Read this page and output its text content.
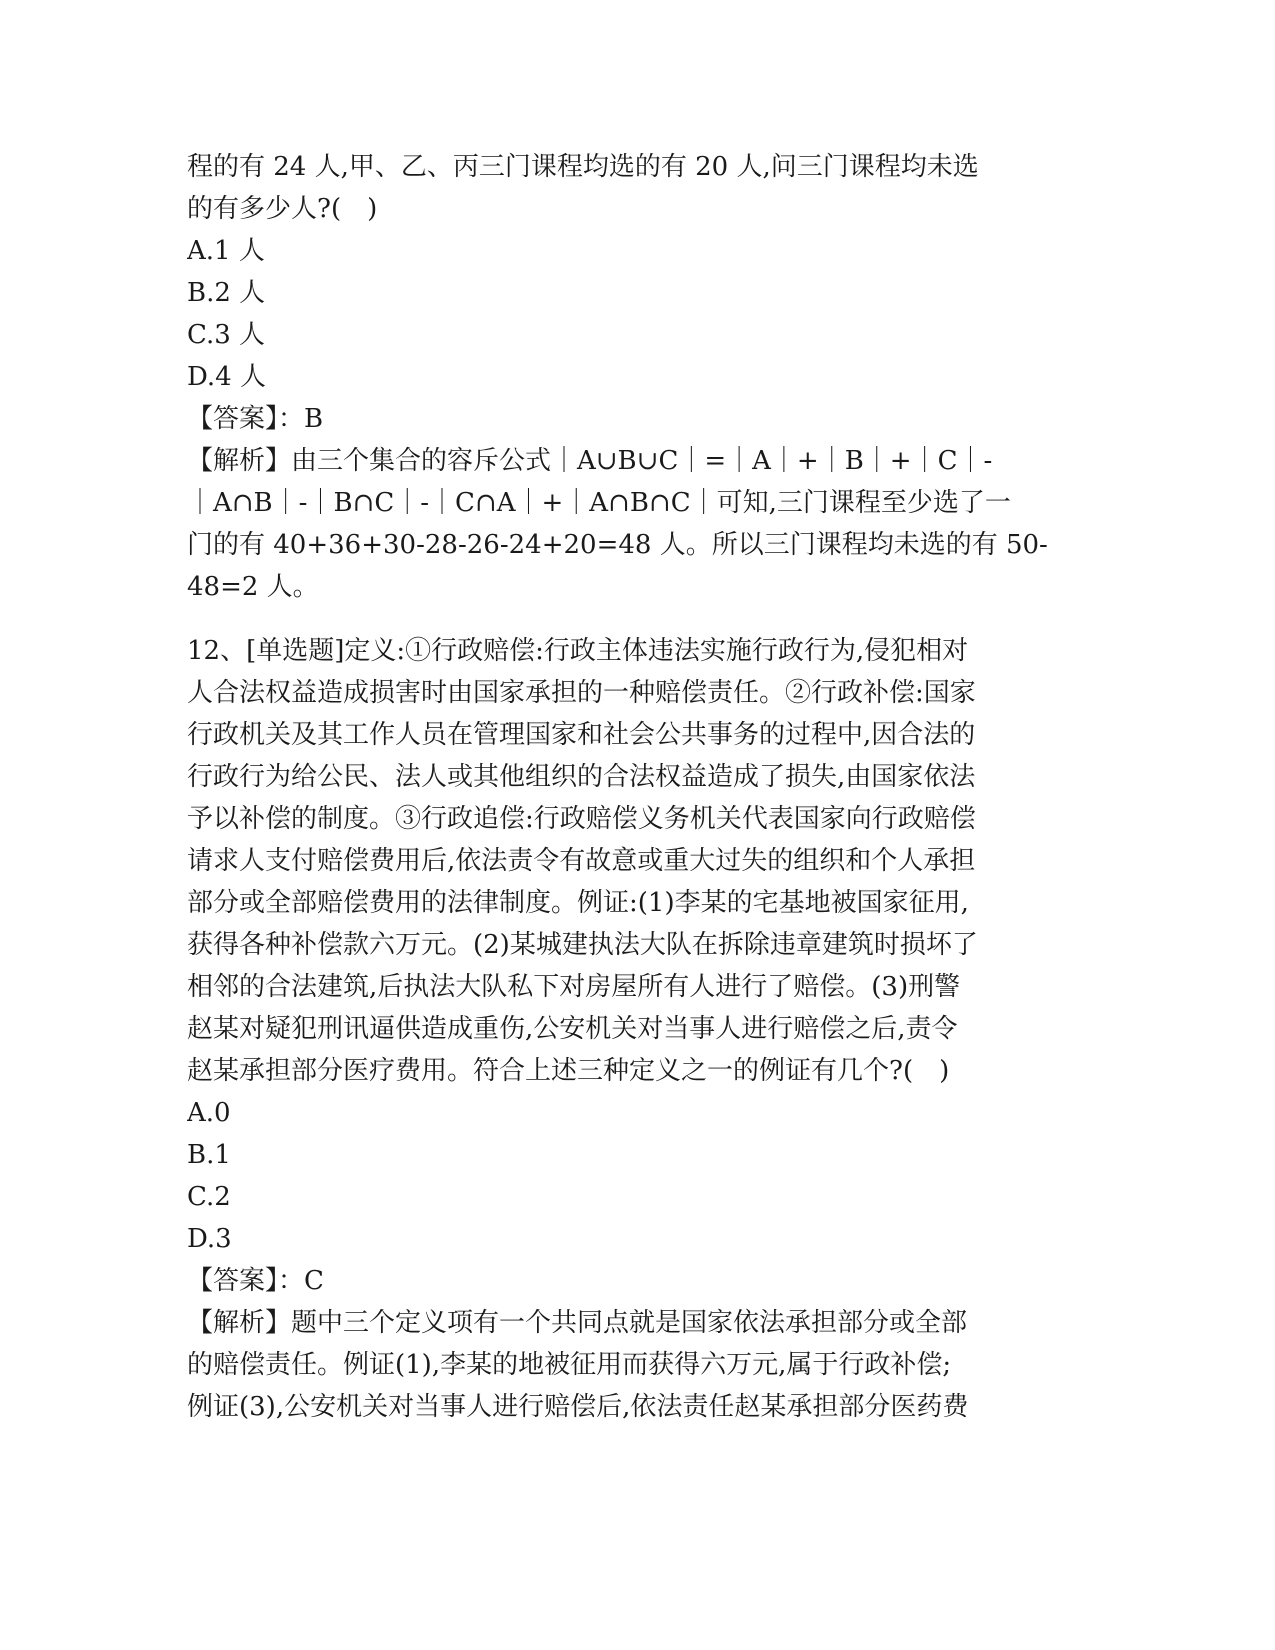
程的有 24 人,甲、乙、丙三门课程均选的有 20 人,问三门课程均未选
的有多少人?(　)
A.1 人
B.2 人
C.3 人
D.4 人
【答案】：B
【解析】由三个集合的容斥公式｜A∪B∪C｜=｜A｜+｜B｜+｜C｜-
｜A∩B｜-｜B∩C｜-｜C∩A｜+｜A∩B∩C｜可知,三门课程至少选了一
门的有 40+36+30-28-26-24+20=48 人。所以三门课程均未选的有 50-
48=2 人。
12、[单选题]定义:①行政赔偿:行政主体违法实施行政行为,侵犯相对
人合法权益造成损害时由国家承担的一种赔偿责任。②行政补偿:国家
行政机关及其工作人员在管理国家和社会公共事务的过程中,因合法的
行政行为给公民、法人或其他组织的合法权益造成了损失,由国家依法
予以补偿的制度。③行政追偿:行政赔偿义务机关代表国家向行政赔偿
请求人支付赔偿费用后,依法责令有故意或重大过失的组织和个人承担
部分或全部赔偿费用的法律制度。例证:(1)李某的宅基地被国家征用,
获得各种补偿款六万元。(2)某城建执法大队在拆除违章建筑时损坏了
相邻的合法建筑,后执法大队私下对房屋所有人进行了赔偿。(3)刑警
赵某对疑犯刑讯逼供造成重伤,公安机关对当事人进行赔偿之后,责令
赵某承担部分医疗费用。符合上述三种定义之一的例证有几个?(　)
A.0
B.1
C.2
D.3
【答案】：C
【解析】题中三个定义项有一个共同点就是国家依法承担部分或全部
的赔偿责任。例证(1),李某的地被征用而获得六万元,属于行政补偿;
例证(3),公安机关对当事人进行赔偿后,依法责任赵某承担部分医药费
